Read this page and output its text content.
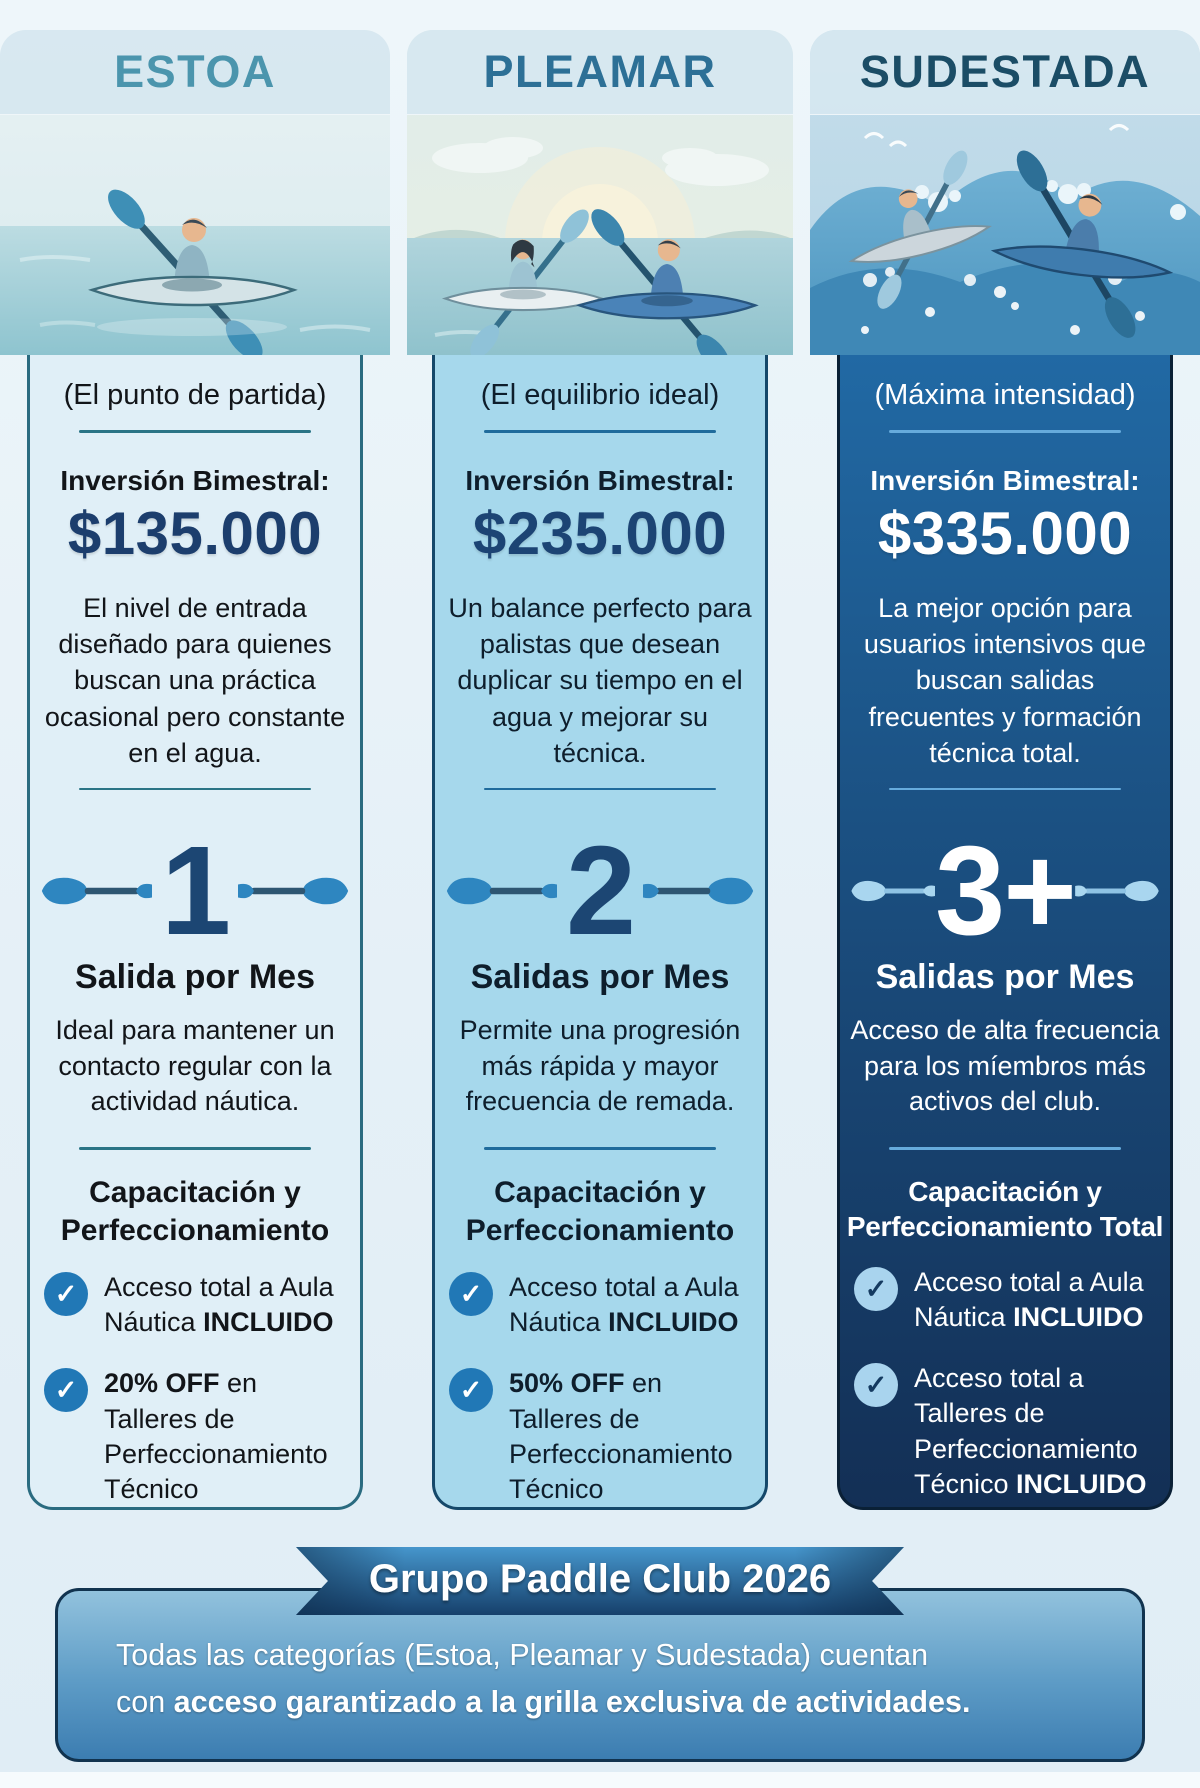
ESTOA
(El punto de partida)
Inversión Bimestral:
$135.000
El nivel de entrada diseñado para quienes buscan una práctica ocasional pero constante en el agua.
1
Salida por Mes
Ideal para mantener un contacto regular con la actividad náutica.
Capacitación y Perfeccionamiento
✓ Acceso total a Aula Náutica INCLUIDO
✓ 20% OFF en Talleres de Perfeccionamiento Técnico
PLEAMAR
(El equilibrio ideal)
Inversión Bimestral:
$235.000
Un balance perfecto para palistas que desean duplicar su tiempo en el agua y mejorar su técnica.
2
Salidas por Mes
Permite una progresión más rápida y mayor frecuencia de remada.
Capacitación y Perfeccionamiento
✓ Acceso total a Aula Náutica INCLUIDO
✓ 50% OFF en Talleres de Perfeccionamiento Técnico
SUDESTADA
(Máxima intensidad)
Inversión Bimestral:
$335.000
La mejor opción para usuarios intensivos que buscan salidas frecuentes y formación técnica total.
3+
Salidas por Mes
Acceso de alta frecuencia para los míembros más activos del club.
Capacitación y Perfeccionamiento Total
✓ Acceso total a Aula Náutica INCLUIDO
✓ Acceso total a Talleres de Perfeccionamiento Técnico INCLUIDO
Grupo Paddle Club 2026
Todas las categorías (Estoa, Pleamar y Sudestada) cuentan
con acceso garantizado a la grilla exclusiva de actividades.
